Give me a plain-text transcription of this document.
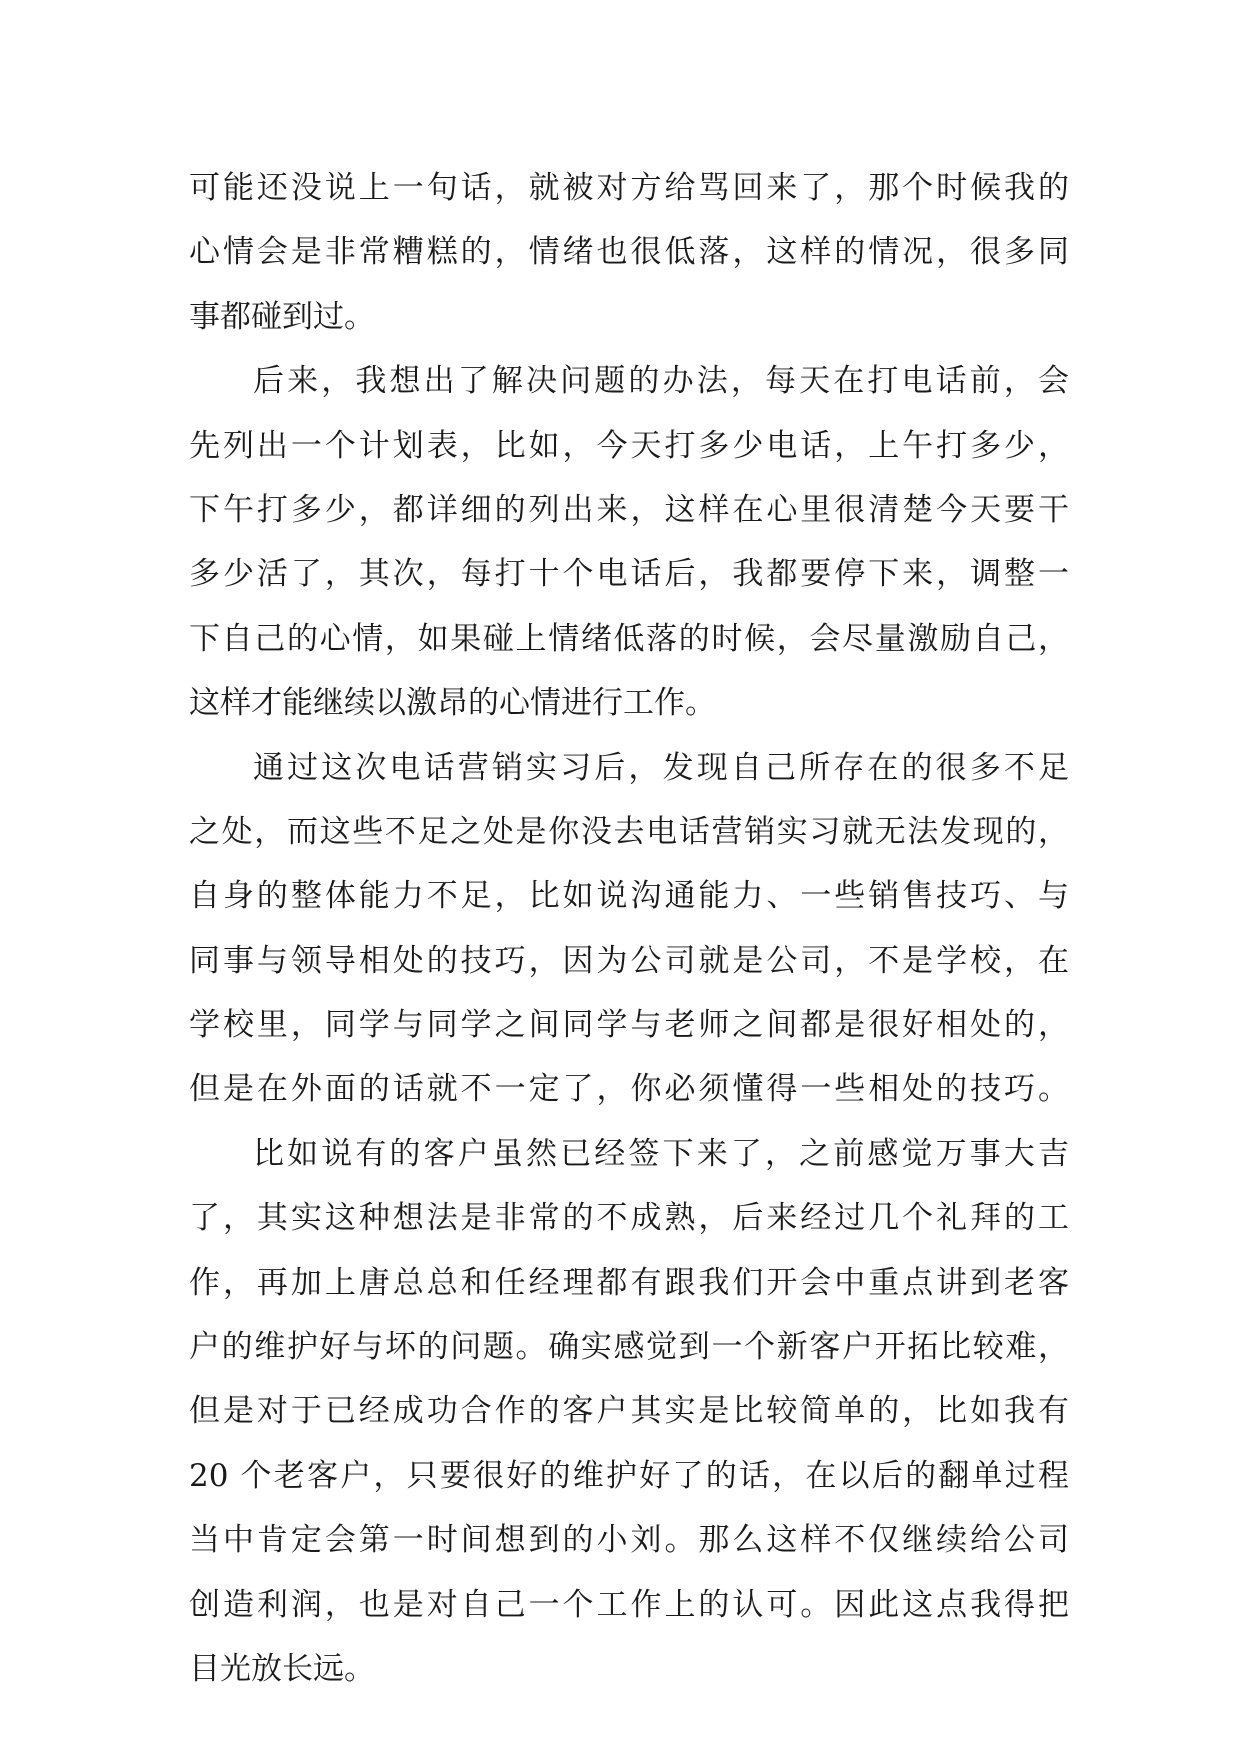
可能还没说上一句话，就被对方给骂回来了，那个时候我的
心情会是非常糟糕的，情绪也很低落，这样的情况，很多同
事都碰到过。
后来，我想出了解决问题的办法，每天在打电话前，会
先列出一个计划表，比如，今天打多少电话，上午打多少，
下午打多少，都详细的列出来，这样在心里很清楚今天要干
多少活了，其次，每打十个电话后，我都要停下来，调整一
下自己的心情，如果碰上情绪低落的时候，会尽量激励自己，
这样才能继续以激昂的心情进行工作。
通过这次电话营销实习后，发现自己所存在的很多不足
之处，而这些不足之处是你没去电话营销实习就无法发现的，
自身的整体能力不足，比如说沟通能力、一些销售技巧、与
同事与领导相处的技巧，因为公司就是公司，不是学校，在
学校里，同学与同学之间同学与老师之间都是很好相处的，
但是在外面的话就不一定了，你必须懂得一些相处的技巧。
比如说有的客户虽然已经签下来了，之前感觉万事大吉
了，其实这种想法是非常的不成熟，后来经过几个礼拜的工
作，再加上唐总总和任经理都有跟我们开会中重点讲到老客
户的维护好与坏的问题。确实感觉到一个新客户开拓比较难，
但是对于已经成功合作的客户其实是比较简单的，比如我有
20 个老客户，只要很好的维护好了的话，在以后的翻单过程
当中肯定会第一时间想到的小刘。那么这样不仅继续给公司
创造利润，也是对自己一个工作上的认可。因此这点我得把
目光放长远。
